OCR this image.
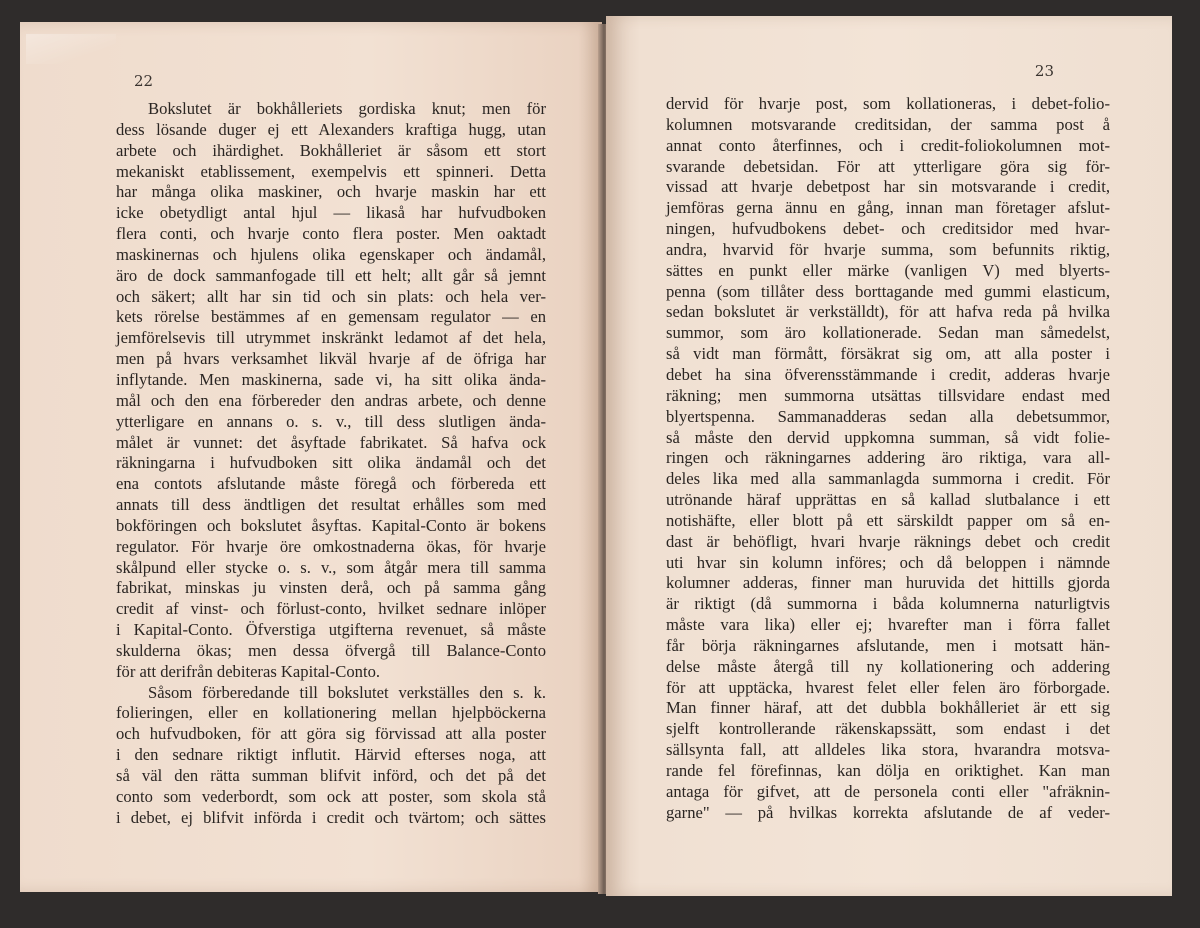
22
Bokslutet är bokhålleriets gordiska knut; men för
dess lösande duger ej ett Alexanders kraftiga hugg, utan
arbete och ihärdighet. Bokhålleriet är såsom ett stort
mekaniskt etablissement, exempelvis ett spinneri. Detta
har många olika maskiner, och hvarje maskin har ett
icke obetydligt antal hjul — likaså har hufvudboken
flera conti, och hvarje conto flera poster. Men oaktadt
maskinernas och hjulens olika egenskaper och ändamål,
äro de dock sammanfogade till ett helt; allt går så jemnt
och säkert; allt har sin tid och sin plats: och hela ver-
kets rörelse bestämmes af en gemensam regulator — en
jemförelsevis till utrymmet inskränkt ledamot af det hela,
men på hvars verksamhet likväl hvarje af de öfriga har
inflytande. Men maskinerna, sade vi, ha sitt olika ända-
mål och den ena förbereder den andras arbete, och denne
ytterligare en annans o. s. v., till dess slutligen ända-
målet är vunnet: det åsyftade fabrikatet. Så hafva ock
räkningarna i hufvudboken sitt olika ändamål och det
ena contots afslutande måste föregå och förbereda ett
annats till dess ändtligen det resultat erhålles som med
bokföringen och bokslutet åsyftas. Kapital-Conto är bokens
regulator. För hvarje öre omkostnaderna ökas, för hvarje
skålpund eller stycke o. s. v., som åtgår mera till samma
fabrikat, minskas ju vinsten derå, och på samma gång
credit af vinst- och förlust-conto, hvilket sednare inlöper
i Kapital-Conto. Öfverstiga utgifterna revenuet, så måste
skulderna ökas; men dessa öfvergå till Balance-Conto
för att derifrån debiteras Kapital-Conto.
Såsom förberedande till bokslutet verkställes den s. k.
folieringen, eller en kollationering mellan hjelpböckerna
och hufvudboken, för att göra sig förvissad att alla poster
i den sednare riktigt influtit. Härvid efterses noga, att
så väl den rätta summan blifvit införd, och det på det
conto som vederbordt, som ock att poster, som skola stå
i debet, ej blifvit införda i credit och tvärtom; och sättes
23
dervid för hvarje post, som kollationeras, i debet-folio-
kolumnen motsvarande creditsidan, der samma post å
annat conto återfinnes, och i credit-foliokolumnen mot-
svarande debetsidan. För att ytterligare göra sig för-
vissad att hvarje debetpost har sin motsvarande i credit,
jemföras gerna ännu en gång, innan man företager afslut-
ningen, hufvudbokens debet- och creditsidor med hvar-
andra, hvarvid för hvarje summa, som befunnits riktig,
sättes en punkt eller märke (vanligen V) med blyerts-
penna (som tillåter dess borttagande med gummi elasticum,
sedan bokslutet är verkställdt), för att hafva reda på hvilka
summor, som äro kollationerade. Sedan man såmedelst,
så vidt man förmått, försäkrat sig om, att alla poster i
debet ha sina öfverensstämmande i credit, adderas hvarje
räkning; men summorna utsättas tillsvidare endast med
blyertspenna. Sammanadderas sedan alla debetsummor,
så måste den dervid uppkomna summan, så vidt folie-
ringen och räkningarnes addering äro riktiga, vara all-
deles lika med alla sammanlagda summorna i credit. För
utrönande häraf upprättas en så kallad slutbalance i ett
notishäfte, eller blott på ett särskildt papper om så en-
dast är behöfligt, hvari hvarje räknings debet och credit
uti hvar sin kolumn införes; och då beloppen i nämnde
kolumner adderas, finner man huruvida det hittills gjorda
är riktigt (då summorna i båda kolumnerna naturligtvis
måste vara lika) eller ej; hvarefter man i förra fallet
får börja räkningarnes afslutande, men i motsatt hän-
delse måste återgå till ny kollationering och addering
för att upptäcka, hvarest felet eller felen äro förborgade.
Man finner häraf, att det dubbla bokhålleriet är ett sig
sjelft kontrollerande räkenskapssätt, som endast i det
sällsynta fall, att alldeles lika stora, hvarandra motsva-
rande fel förefinnas, kan dölja en oriktighet. Kan man
antaga för gifvet, att de personela conti eller "afräknin-
garne" — på hvilkas korrekta afslutande de af veder-
